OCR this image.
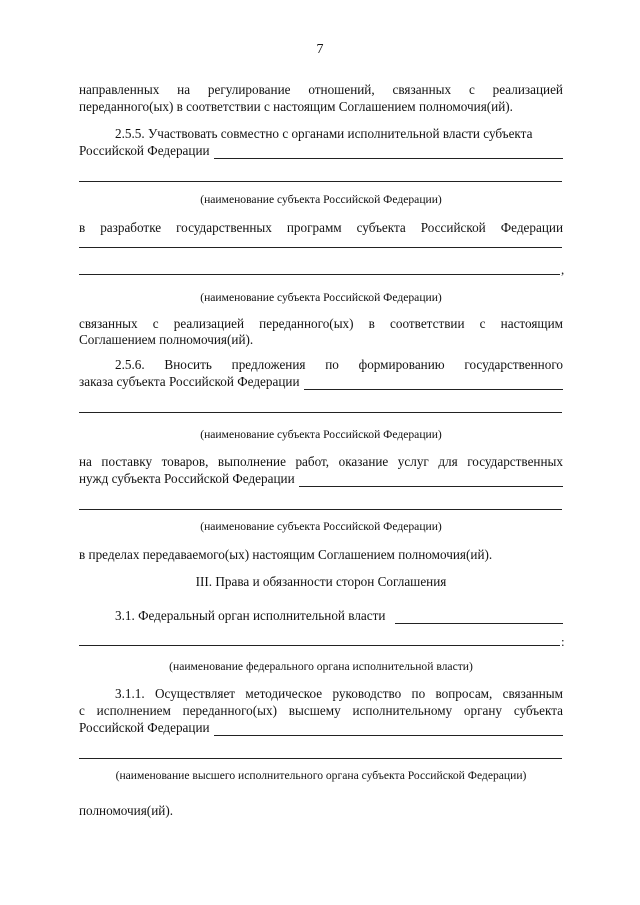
7
направленных на регулирование отношений, связанных с реализацией
переданного(ых) в соответствии с настоящим Соглашением полномочия(ий).
2.5.5. Участвовать совместно с органами исполнительной власти субъекта
Российской Федерации
(наименование субъекта Российской Федерации)
в разработке государственных программ субъекта Российской Федерации
,
(наименование субъекта Российской Федерации)
связанных с реализацией переданного(ых) в соответствии с настоящим
Соглашением полномочия(ий).
2.5.6. Вносить предложения по формированию государственного
заказа субъекта Российской Федерации
(наименование субъекта Российской Федерации)
на поставку товаров, выполнение работ, оказание услуг для государственных
нужд субъекта Российской Федерации
(наименование субъекта Российской Федерации)
в пределах передаваемого(ых) настоящим Соглашением полномочия(ий).
III. Права и обязанности сторон Соглашения
3.1. Федеральный орган исполнительной власти
:
(наименование федерального органа исполнительной власти)
3.1.1. Осуществляет методическое руководство по вопросам, связанным
с исполнением переданного(ых) высшему исполнительному органу субъекта
Российской Федерации
(наименование высшего исполнительного органа субъекта Российской Федерации)
полномочия(ий).
